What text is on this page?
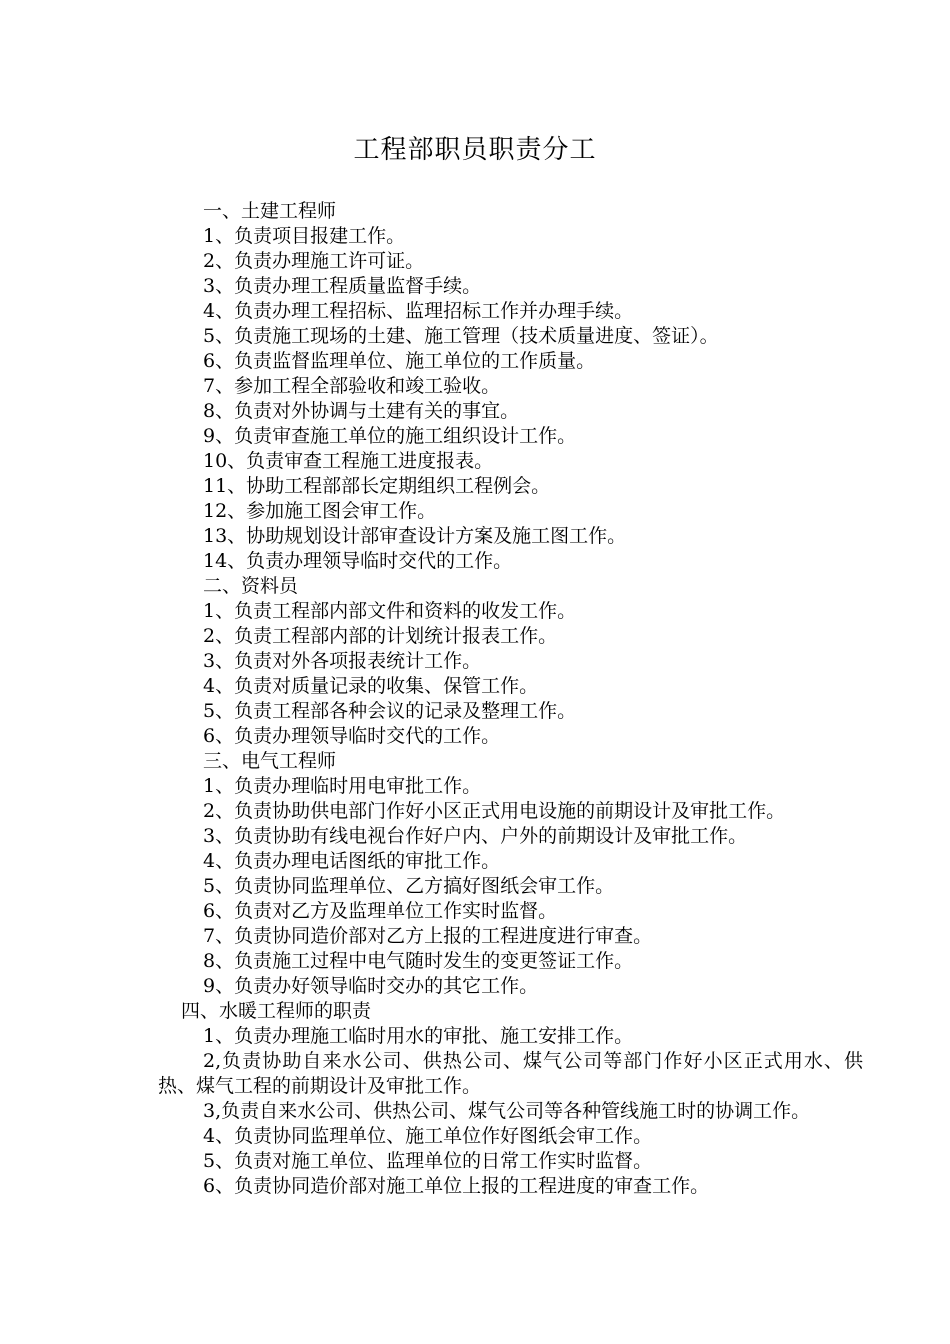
工程部职员职责分工
一、土建工程师
1、负责项目报建工作。
2、负责办理施工许可证。
3、负责办理工程质量监督手续。
4、负责办理工程招标、监理招标工作并办理手续。
5、负责施工现场的土建、施工管理（技术质量进度、签证）。
6、负责监督监理单位、施工单位的工作质量。
7、参加工程全部验收和竣工验收。
8、负责对外协调与土建有关的事宜。
9、负责审查施工单位的施工组织设计工作。
10、负责审查工程施工进度报表。
11、协助工程部部长定期组织工程例会。
12、参加施工图会审工作。
13、协助规划设计部审查设计方案及施工图工作。
14、负责办理领导临时交代的工作。
二、资料员
1、负责工程部内部文件和资料的收发工作。
2、负责工程部内部的计划统计报表工作。
3、负责对外各项报表统计工作。
4、负责对质量记录的收集、保管工作。
5、负责工程部各种会议的记录及整理工作。
6、负责办理领导临时交代的工作。
三、电气工程师
1、负责办理临时用电审批工作。
2、负责协助供电部门作好小区正式用电设施的前期设计及审批工作。
3、负责协助有线电视台作好户内、户外的前期设计及审批工作。
4、负责办理电话图纸的审批工作。
5、负责协同监理单位、乙方搞好图纸会审工作。
6、负责对乙方及监理单位工作实时监督。
7、负责协同造价部对乙方上报的工程进度进行审查。
8、负责施工过程中电气随时发生的变更签证工作。
9、负责办好领导临时交办的其它工作。
四、水暖工程师的职责
1、负责办理施工临时用水的审批、施工安排工作。
2,负责协助自来水公司、供热公司、煤气公司等部门作好小区正式用水、供热、煤气工程的前期设计及审批工作。
3,负责自来水公司、供热公司、煤气公司等各种管线施工时的协调工作。
4、负责协同监理单位、施工单位作好图纸会审工作。
5、负责对施工单位、监理单位的日常工作实时监督。
6、负责协同造价部对施工单位上报的工程进度的审查工作。
